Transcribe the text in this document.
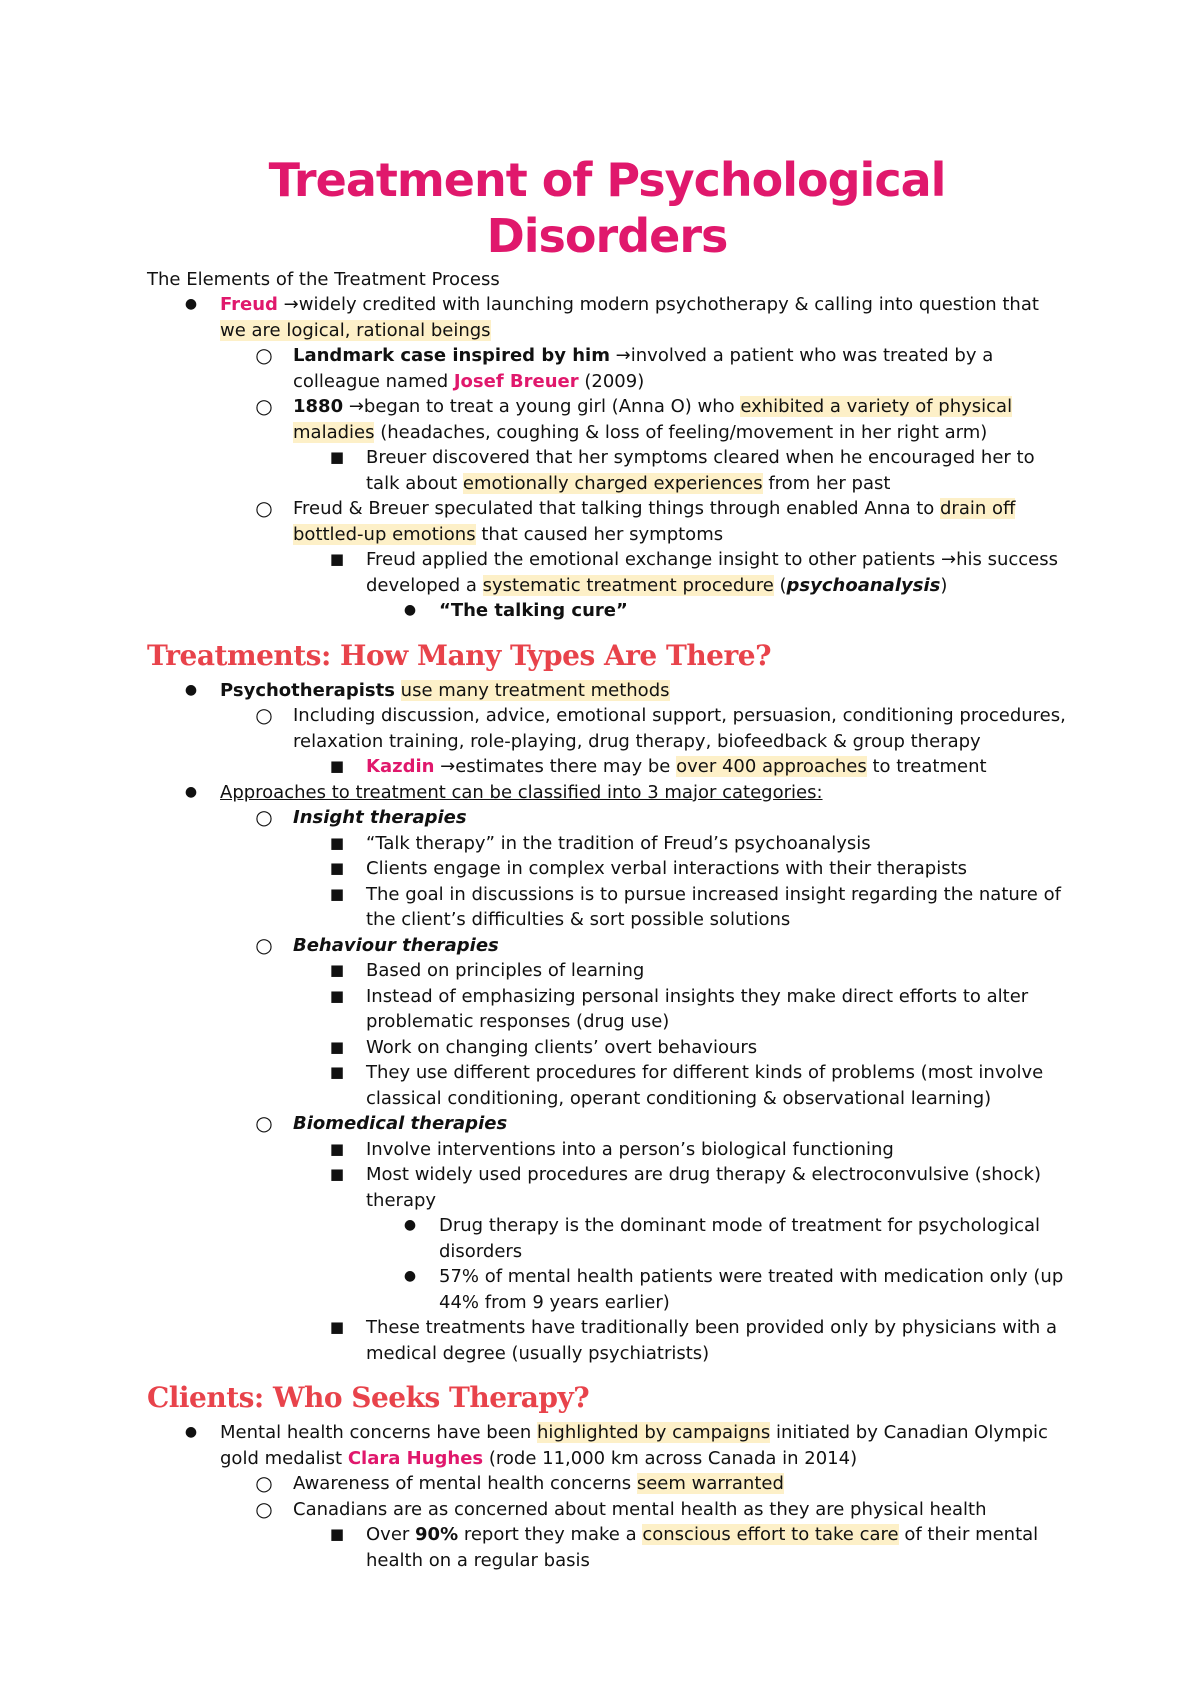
Treatment of Psychological Disorders

The Elements of the Treatment Process

● Freud →widely credited with launching modern psychotherapy & calling into question that we are logical, rational beings
○ Landmark case inspired by him →involved a patient who was treated by a colleague named Josef Breuer (2009)
○ 1880 →began to treat a young girl (Anna O) who exhibited a variety of physical maladies (headaches, coughing & loss of feeling/movement in her right arm)
■ Breuer discovered that her symptoms cleared when he encouraged her to talk about emotionally charged experiences from her past
○ Freud & Breuer speculated that talking things through enabled Anna to drain off bottled-up emotions that caused her symptoms
■ Freud applied the emotional exchange insight to other patients →his success developed a systematic treatment procedure (psychoanalysis)
● “The talking cure”
Treatments: How Many Types Are There?
● Psychotherapists use many treatment methods
○ Including discussion, advice, emotional support, persuasion, conditioning procedures, relaxation training, role-playing, drug therapy, biofeedback & group therapy
■ Kazdin →estimates there may be over 400 approaches to treatment
● Approaches to treatment can be classified into 3 major categories:
○ Insight therapies
■ “Talk therapy” in the tradition of Freud’s psychoanalysis
■ Clients engage in complex verbal interactions with their therapists
■ The goal in discussions is to pursue increased insight regarding the nature of the client’s difficulties & sort possible solutions
○ Behaviour therapies
■ Based on principles of learning
■ Instead of emphasizing personal insights they make direct efforts to alter problematic responses (drug use)
■ Work on changing clients’ overt behaviours
■ They use different procedures for different kinds of problems (most involve classical conditioning, operant conditioning & observational learning)
○ Biomedical therapies
■ Involve interventions into a person’s biological functioning
■ Most widely used procedures are drug therapy & electroconvulsive (shock) therapy
● Drug therapy is the dominant mode of treatment for psychological disorders
● 57% of mental health patients were treated with medication only (up 44% from 9 years earlier)
■ These treatments have traditionally been provided only by physicians with a medical degree (usually psychiatrists)
Clients: Who Seeks Therapy?
● Mental health concerns have been highlighted by campaigns initiated by Canadian Olympic gold medalist Clara Hughes (rode 11,000 km across Canada in 2014)
○ Awareness of mental health concerns seem warranted
○ Canadians are as concerned about mental health as they are physical health
■ Over 90% report they make a conscious effort to take care of their mental health on a regular basis
